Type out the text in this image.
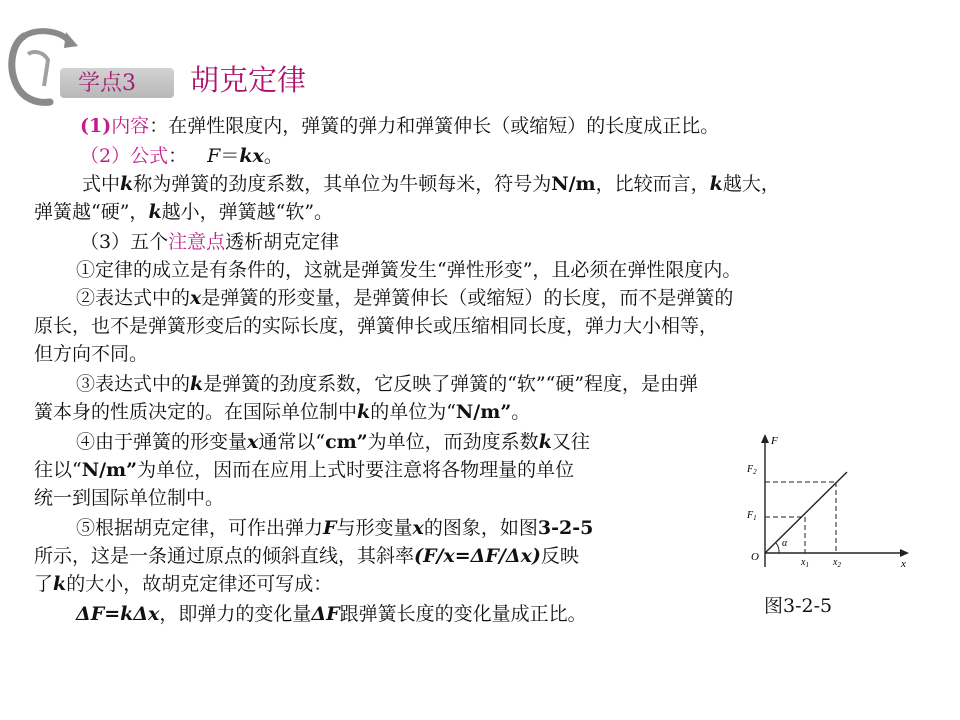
学点3 胡克定律
(1)内容：在弹性限度内，弹簧的弹力和弹簧伸长（或缩短）的长度成正比。
（2）公式： F＝kx。
式中k称为弹簧的劲度系数，其单位为牛顿每米，符号为N/m，比较而言，k越大，
弹簧越“硬”，k越小，弹簧越“软”。
（3）五个注意点透析胡克定律
①定律的成立是有条件的，这就是弹簧发生“弹性形变”，且必须在弹性限度内。
②表达式中的x是弹簧的形变量，是弹簧伸长（或缩短）的长度，而不是弹簧的
原长，也不是弹簧形变后的实际长度，弹簧伸长或压缩相同长度，弹力大小相等，
但方向不同。
③表达式中的k是弹簧的劲度系数，它反映了弹簧的“软”“硬”程度，是由弹
簧本身的性质决定的。在国际单位制中k的单位为“N/m”。
④由于弹簧的形变量x通常以“cm”为单位，而劲度系数k又往
往以“N/m”为单位，因而在应用上式时要注意将各物理量的单位
统一到国际单位制中。
⑤根据胡克定律，可作出弹力F与形变量x的图象，如图3-2-5
所示，这是一条通过原点的倾斜直线，其斜率(F/x=ΔF/Δx)反映
了k的大小，故胡克定律还可写成：
ΔF=kΔx，即弹力的变化量ΔF跟弹簧长度的变化量成正比。
F
x
O
$F_1$
$F_2$
$x_1$ $x_2$
α
图3-2-5
